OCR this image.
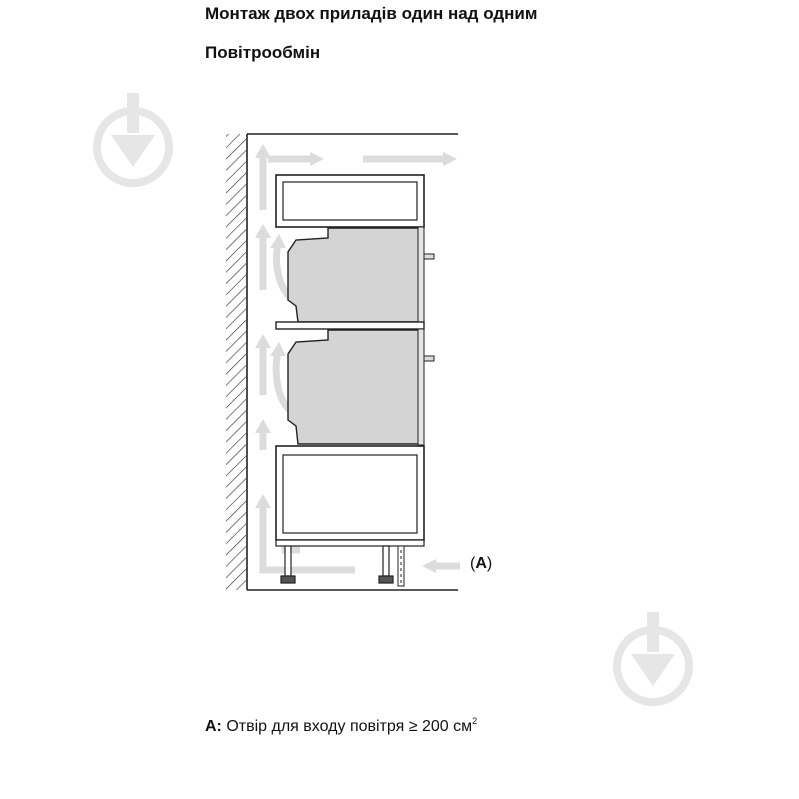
Монтаж двох приладів один над одним
Повітрообмін
(A)
A: Отвір для входу повітря ≥ 200 $см^2$
